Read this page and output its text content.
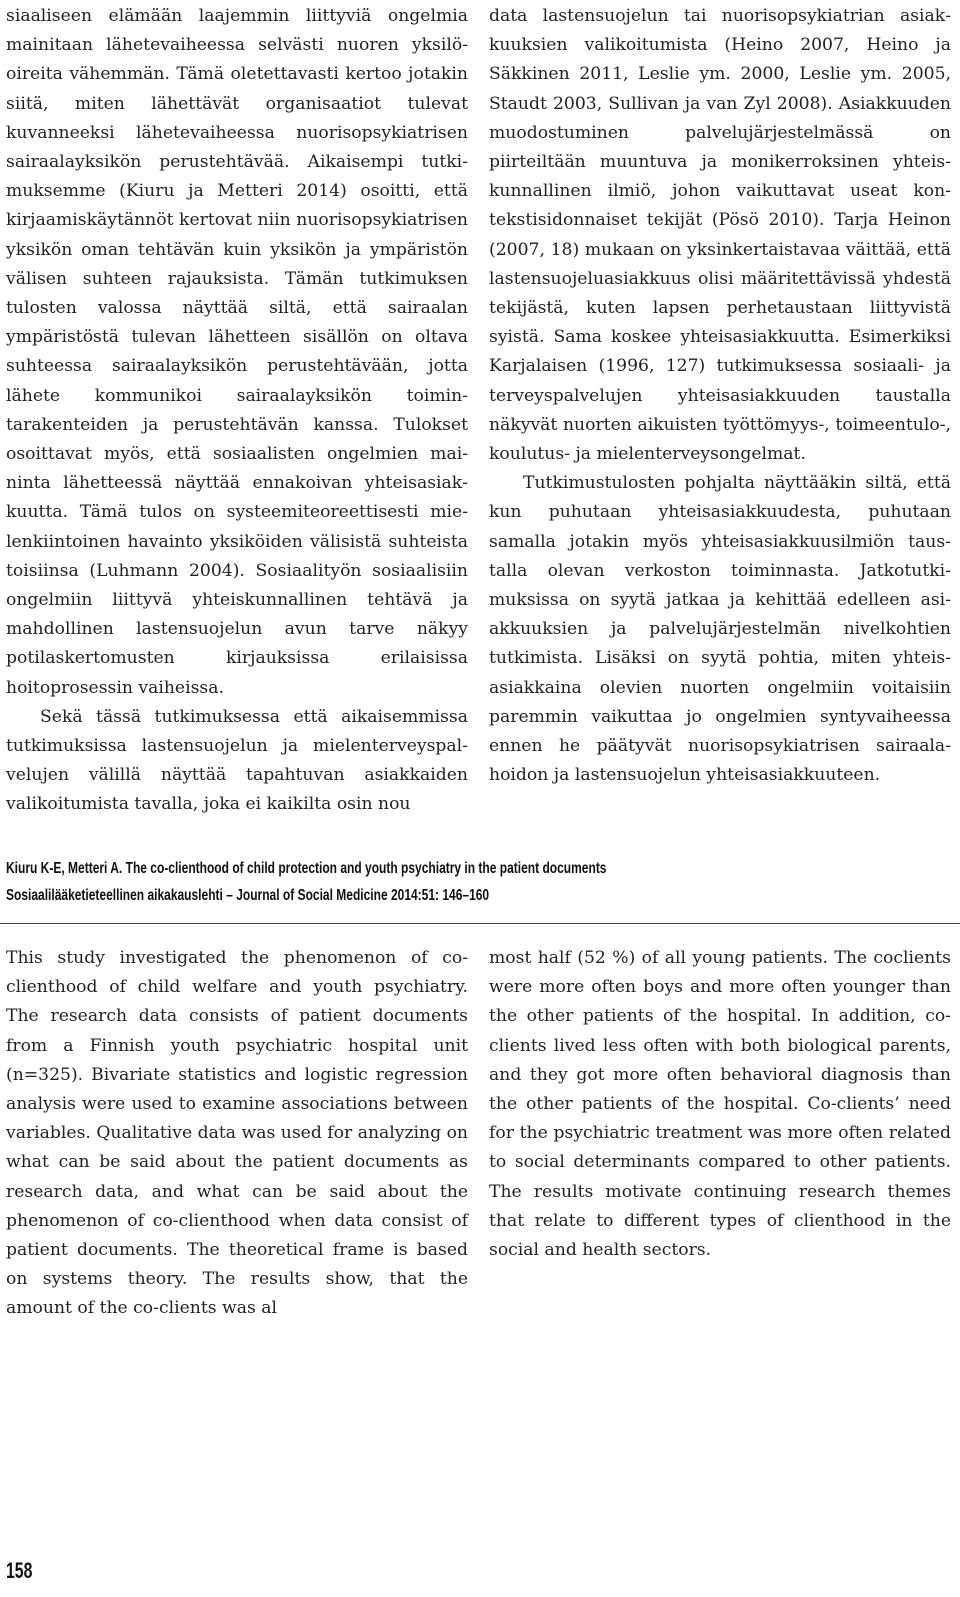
siaaliseen elämään laajemmin liittyviä ongelmia mainitaan lähetevaiheessa selvästi nuoren yksilöoireita vähemmän. Tämä oletettavasti kertoo jotakin siitä, miten lähettävät organisaatiot tulevat kuvanneeksi lähetevaiheessa nuorisopsykiatrisen sairaalayksikön perustehtävää. Aikaisempi tutkimuksemme (Kiuru ja Metteri 2014) osoitti, että kirjaamiskäytännöt kertovat niin nuorisopsykiatrisen yksikön oman tehtävän kuin yksikön ja ympäristön välisen suhteen rajauksista. Tämän tutkimuksen tulosten valossa näyttää siltä, että sairaalan ympäristöstä tulevan lähetteen sisällön on oltava suhteessa sairaalayksikön perustehtävään, jotta lähete kommunikoi sairaalayksikön toimintarakenteiden ja perustehtävän kanssa. Tulokset osoittavat myös, että sosiaalisten ongelmien maininta lähetteessä näyttää ennakoivan yhteisasiakkuutta. Tämä tulos on systeemiteoreettisesti mielenkiintoinen havainto yksiköiden välisistä suhteista toisiinsa (Luhmann 2004). Sosiaalityön sosiaalisiin ongelmiin liittyvä yhteiskunnallinen tehtävä ja mahdollinen lastensuojelun avun tarve näkyy potilaskertomusten kirjauksissa erilaisissa hoitoprosessin vaiheissa.

Sekä tässä tutkimuksessa että aikaisemmissa tutkimuksissa lastensuojelun ja mielenterveyspalvelujen välillä näyttää tapahtuvan asiakkaiden valikoitumista tavalla, joka ei kaikilta osin nou

data lastensuojelun tai nuorisopsykiatrian asiakkuuksien valikoitumista (Heino 2007, Heino ja Säkkinen 2011, Leslie ym. 2000, Leslie ym. 2005, Staudt 2003, Sullivan ja van Zyl 2008). Asiakkuuden muodostuminen palvelujärjestelmässä on piirteiltään muuntuva ja monikerroksinen yhteiskunnallinen ilmiö, johon vaikuttavat useat kontekstisidonnaiset tekijät (Pösö 2010). Tarja Heinon (2007, 18) mukaan on yksinkertaistavaa väittää, että lastensuojeluasiakkuus olisi määritettävissä yhdestä tekijästä, kuten lapsen perhetaustaan liittyvistä syistä. Sama koskee yhteisasiakkuutta. Esimerkiksi Karjalaisen (1996, 127) tutkimuksessa sosiaali- ja terveyspalvelujen yhteisasiakkuuden taustalla näkyvät nuorten aikuisten työttömyys-, toimeentulo-, koulutus- ja mielenterveysongelmat.

Tutkimustulosten pohjalta näyttääkin siltä, että kun puhutaan yhteisasiakkuudesta, puhutaan samalla jotakin myös yhteisasiakkuusilmiön taustalla olevan verkoston toiminnasta. Jatkotutkimuksissa on syytä jatkaa ja kehittää edelleen asiakkuuksien ja palvelujärjestelmän nivelkohtien tutkimista. Lisäksi on syytä pohtia, miten yhteisasiakkaina olevien nuorten ongelmiin voitaisiin paremmin vaikuttaa jo ongelmien syntyvaiheessa ennen he päätyvät nuorisopsykiatrisen sairaalahoidon ja lastensuojelun yhteisasiakkuuteen.

Kiuru K-E, Metteri A. The co-clienthood of child protection and youth psychiatry in the patient documents
Sosiaalilääketieteellinen aikakauslehti – Journal of Social Medicine 2014:51: 146–160

This study investigated the phenomenon of coclienthood of child welfare and youth psychiatry. The research data consists of patient documents from a Finnish youth psychiatric hospital unit (n=325). Bivariate statistics and logistic regression analysis were used to examine associations between variables. Qualitative data was used for analyzing on what can be said about the patient documents as research data, and what can be said about the phenomenon of co-clienthood when data consist of patient documents. The theoretical frame is based on systems theory. The results show, that the amount of the co-clients was al

most half (52 %) of all young patients. The coclients were more often boys and more often younger than the other patients of the hospital. In addition, co-clients lived less often with both biological parents, and they got more often behavioral diagnosis than the other patients of the hospital. Co-clients’ need for the psychiatric treatment was more often related to social determinants compared to other patients. The results motivate continuing research themes that relate to different types of clienthood in the social and health sectors.

158
